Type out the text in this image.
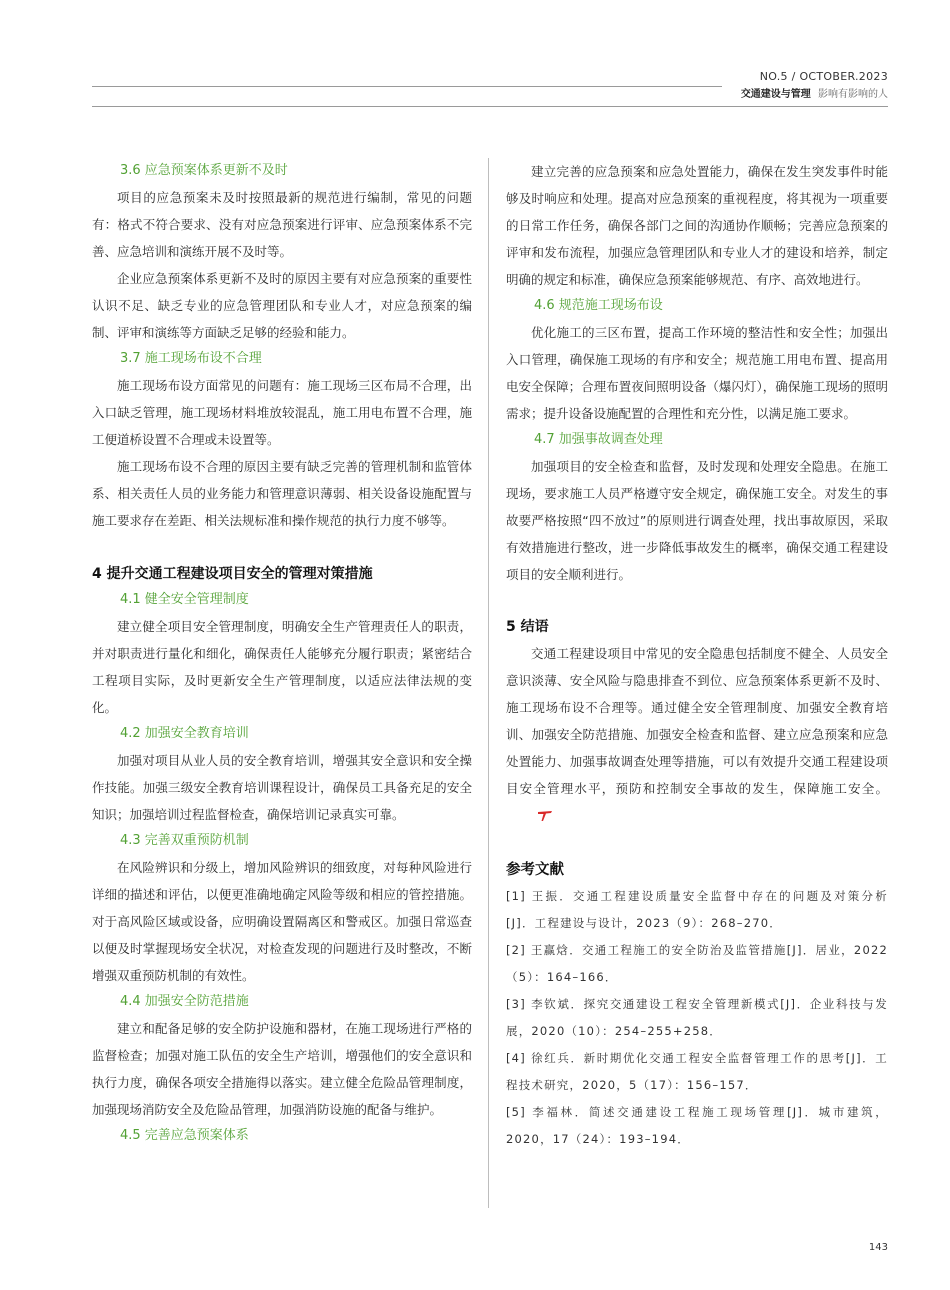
NO.5 / OCTOBER.2023
交通建设与管理 影响有影响的人
3.6 应急预案体系更新不及时

项目的应急预案未及时按照最新的规范进行编制，常见的问题有：格式不符合要求、没有对应急预案进行评审、应急预案体系不完善、应急培训和演练开展不及时等。

企业应急预案体系更新不及时的原因主要有对应急预案的重要性认识不足、缺乏专业的应急管理团队和专业人才，对应急预案的编制、评审和演练等方面缺乏足够的经验和能力。

3.7 施工现场布设不合理

施工现场布设方面常见的问题有：施工现场三区布局不合理，出入口缺乏管理，施工现场材料堆放较混乱，施工用电布置不合理，施工便道桥设置不合理或未设置等。

施工现场布设不合理的原因主要有缺乏完善的管理机制和监管体系、相关责任人员的业务能力和管理意识薄弱、相关设备设施配置与施工要求存在差距、相关法规标准和操作规范的执行力度不够等。

4 提升交通工程建设项目安全的管理对策措施
4.1 健全安全管理制度

建立健全项目安全管理制度，明确安全生产管理责任人的职责，并对职责进行量化和细化，确保责任人能够充分履行职责；紧密结合工程项目实际，及时更新安全生产管理制度，以适应法律法规的变化。

4.2 加强安全教育培训

加强对项目从业人员的安全教育培训，增强其安全意识和安全操作技能。加强三级安全教育培训课程设计，确保员工具备充足的安全知识；加强培训过程监督检查，确保培训记录真实可靠。

4.3 完善双重预防机制

在风险辨识和分级上，增加风险辨识的细致度，对每种风险进行详细的描述和评估，以便更准确地确定风险等级和相应的管控措施。对于高风险区域或设备，应明确设置隔离区和警戒区。加强日常巡查以便及时掌握现场安全状况，对检查发现的问题进行及时整改，不断增强双重预防机制的有效性。

4.4 加强安全防范措施

建立和配备足够的安全防护设施和器材，在施工现场进行严格的监督检查；加强对施工队伍的安全生产培训，增强他们的安全意识和执行力度，确保各项安全措施得以落实。建立健全危险品管理制度，加强现场消防安全及危险品管理，加强消防设施的配备与维护。

4.5 完善应急预案体系

建立完善的应急预案和应急处置能力，确保在发生突发事件时能够及时响应和处理。提高对应急预案的重视程度，将其视为一项重要的日常工作任务，确保各部门之间的沟通协作顺畅；完善应急预案的评审和发布流程，加强应急管理团队和专业人才的建设和培养，制定明确的规定和标准，确保应急预案能够规范、有序、高效地进行。

4.6 规范施工现场布设

优化施工的三区布置，提高工作环境的整洁性和安全性；加强出入口管理，确保施工现场的有序和安全；规范施工用电布置、提高用电安全保障；合理布置夜间照明设备（爆闪灯），确保施工现场的照明需求；提升设备设施配置的合理性和充分性，以满足施工要求。

4.7 加强事故调查处理

加强项目的安全检查和监督，及时发现和处理安全隐患。在施工现场，要求施工人员严格遵守安全规定，确保施工安全。对发生的事故要严格按照“四不放过”的原则进行调查处理，找出事故原因，采取有效措施进行整改，进一步降低事故发生的概率，确保交通工程建设项目的安全顺利进行。

5 结语

交通工程建设项目中常见的安全隐患包括制度不健全、人员安全意识淡薄、安全风险与隐患排查不到位、应急预案体系更新不及时、施工现场布设不合理等。通过健全安全管理制度、加强安全教育培训、加强安全防范措施、加强安全检查和监督、建立应急预案和应急处置能力、加强事故调查处理等措施，可以有效提升交通工程建设项目安全管理水平，预防和控制安全事故的发生，保障施工安全。

参考文献

[1] 王振．交通工程建设质量安全监督中存在的问题及对策分析[J]．工程建设与设计，2023（9）：268–270．

[2] 王赢焓．交通工程施工的安全防治及监管措施[J]．居业，2022（5）：164–166．

[3] 李钦斌．探究交通建设工程安全管理新模式[J]．企业科技与发展，2020（10）：254–255+258．

[4] 徐红兵．新时期优化交通工程安全监督管理工作的思考[J]．工程技术研究，2020，5（17）：156–157．

[5] 李福林．简述交通建设工程施工现场管理[J]．城市建筑，2020，17（24）：193–194．

143
